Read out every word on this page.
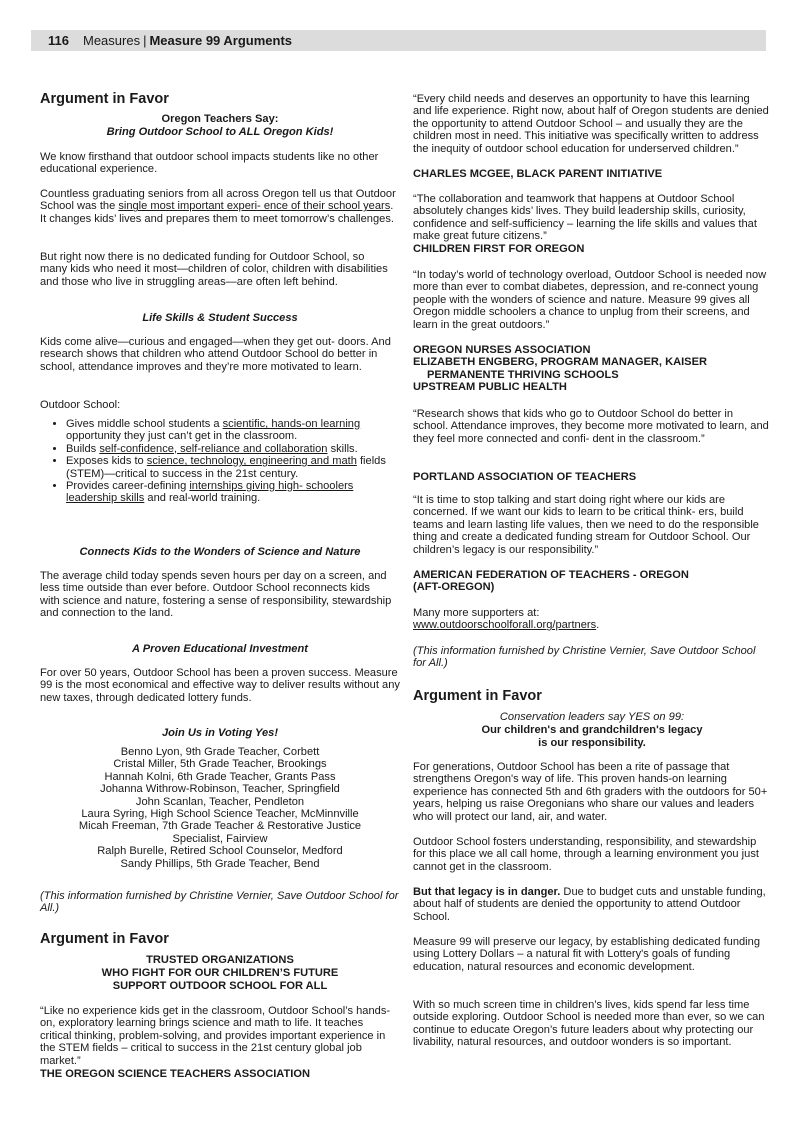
116 Measures | Measure 99 Arguments
Argument in Favor
Oregon Teachers Say:
Bring Outdoor School to ALL Oregon Kids!

We know firsthand that outdoor school impacts students like no other educational experience.

Countless graduating seniors from all across Oregon tell us that Outdoor School was the single most important experi- ence of their school years. It changes kids’ lives and prepares them to meet tomorrow’s challenges.

But right now there is no dedicated funding for Outdoor School, so many kids who need it most—children of color, children with disabilities and those who live in struggling areas—are often left behind.

Life Skills & Student Success

Kids come alive—curious and engaged—when they get out- doors. And research shows that children who attend Outdoor School do better in school, attendance improves and they’re more motivated to learn.

Outdoor School:

• Gives middle school students a scientific, hands-on learning opportunity they just can’t get in the classroom.
• Builds self-confidence, self-reliance and collaboration skills.
• Exposes kids to science, technology, engineering and math fields (STEM)—critical to success in the 21st century.
• Provides career-defining internships giving high- schoolers leadership skills and real-world training.
Connects Kids to the Wonders of Science and Nature

The average child today spends seven hours per day on a screen, and less time outside than ever before. Outdoor School reconnects kids with science and nature, fostering a sense of responsibility, stewardship and connection to the land.

A Proven Educational Investment

For over 50 years, Outdoor School has been a proven success. Measure 99 is the most economical and effective way to deliver results without any new taxes, through dedicated lottery funds.

Join Us in Voting Yes!
Benno Lyon, 9th Grade Teacher, Corbett
Cristal Miller, 5th Grade Teacher, Brookings
Hannah Kolni, 6th Grade Teacher, Grants Pass
Johanna Withrow-Robinson, Teacher, Springfield
John Scanlan, Teacher, Pendleton
Laura Syring, High School Science Teacher, McMinnville
Micah Freeman, 7th Grade Teacher & Restorative Justice
Specialist, Fairview
Ralph Burelle, Retired School Counselor, Medford
Sandy Phillips, 5th Grade Teacher, Bend

(This information furnished by Christine Vernier, Save Outdoor School for All.)

Argument in Favor
TRUSTED ORGANIZATIONS
WHO FIGHT FOR OUR CHILDREN’S FUTURE
SUPPORT OUTDOOR SCHOOL FOR ALL

“Like no experience kids get in the classroom, Outdoor School’s hands-on, exploratory learning brings science and math to life. It teaches critical thinking, problem-solving, and provides important experience in the STEM fields – critical to success in the 21st century global job market.”

THE OREGON SCIENCE TEACHERS ASSOCIATION

“Every child needs and deserves an opportunity to have this learning and life experience. Right now, about half of Oregon students are denied the opportunity to attend Outdoor School – and usually they are the children most in need. This initiative was specifically written to address the inequity of outdoor school education for underserved children.”

CHARLES MCGEE, BLACK PARENT INITIATIVE

“The collaboration and teamwork that happens at Outdoor School absolutely changes kids’ lives. They build leadership skills, curiosity, confidence and self-sufficiency – learning the life skills and values that make great future citizens.”

CHILDREN FIRST FOR OREGON

“In today’s world of technology overload, Outdoor School is needed now more than ever to combat diabetes, depression, and re-connect young people with the wonders of science and nature. Measure 99 gives all Oregon middle schoolers a chance to unplug from their screens, and learn in the great outdoors.”

OREGON NURSES ASSOCIATION
ELIZABETH ENGBERG, PROGRAM MANAGER, KAISER
PERMANENTE THRIVING SCHOOLS
UPSTREAM PUBLIC HEALTH

“Research shows that kids who go to Outdoor School do better in school. Attendance improves, they become more motivated to learn, and they feel more connected and confi- dent in the classroom.”

PORTLAND ASSOCIATION OF TEACHERS

“It is time to stop talking and start doing right where our kids are concerned. If we want our kids to learn to be critical think- ers, build teams and learn lasting life values, then we need to do the responsible thing and create a dedicated funding stream for Outdoor School. Our children’s legacy is our responsibility.”

AMERICAN FEDERATION OF TEACHERS - OREGON
(AFT-OREGON)

Many more supporters at:
www.outdoorschoolforall.org/partners.

(This information furnished by Christine Vernier, Save Outdoor School for All.)

Argument in Favor
Conservation leaders say YES on 99:
Our children's and grandchildren's legacy
is our responsibility.

For generations, Outdoor School has been a rite of passage that strengthens Oregon's way of life. This proven hands-on learning experience has connected 5th and 6th graders with the outdoors for 50+ years, helping us raise Oregonians who share our values and leaders who will protect our land, air, and water.

Outdoor School fosters understanding, responsibility, and stewardship for this place we all call home, through a learning environment you just cannot get in the classroom.

But that legacy is in danger. Due to budget cuts and unstable funding, about half of students are denied the opportunity to attend Outdoor School.

Measure 99 will preserve our legacy, by establishing dedicated funding using Lottery Dollars – a natural fit with Lottery's goals of funding education, natural resources and economic development.

With so much screen time in children’s lives, kids spend far less time outside exploring. Outdoor School is needed more than ever, so we can continue to educate Oregon’s future leaders about why protecting our livability, natural resources, and outdoor wonders is so important.
